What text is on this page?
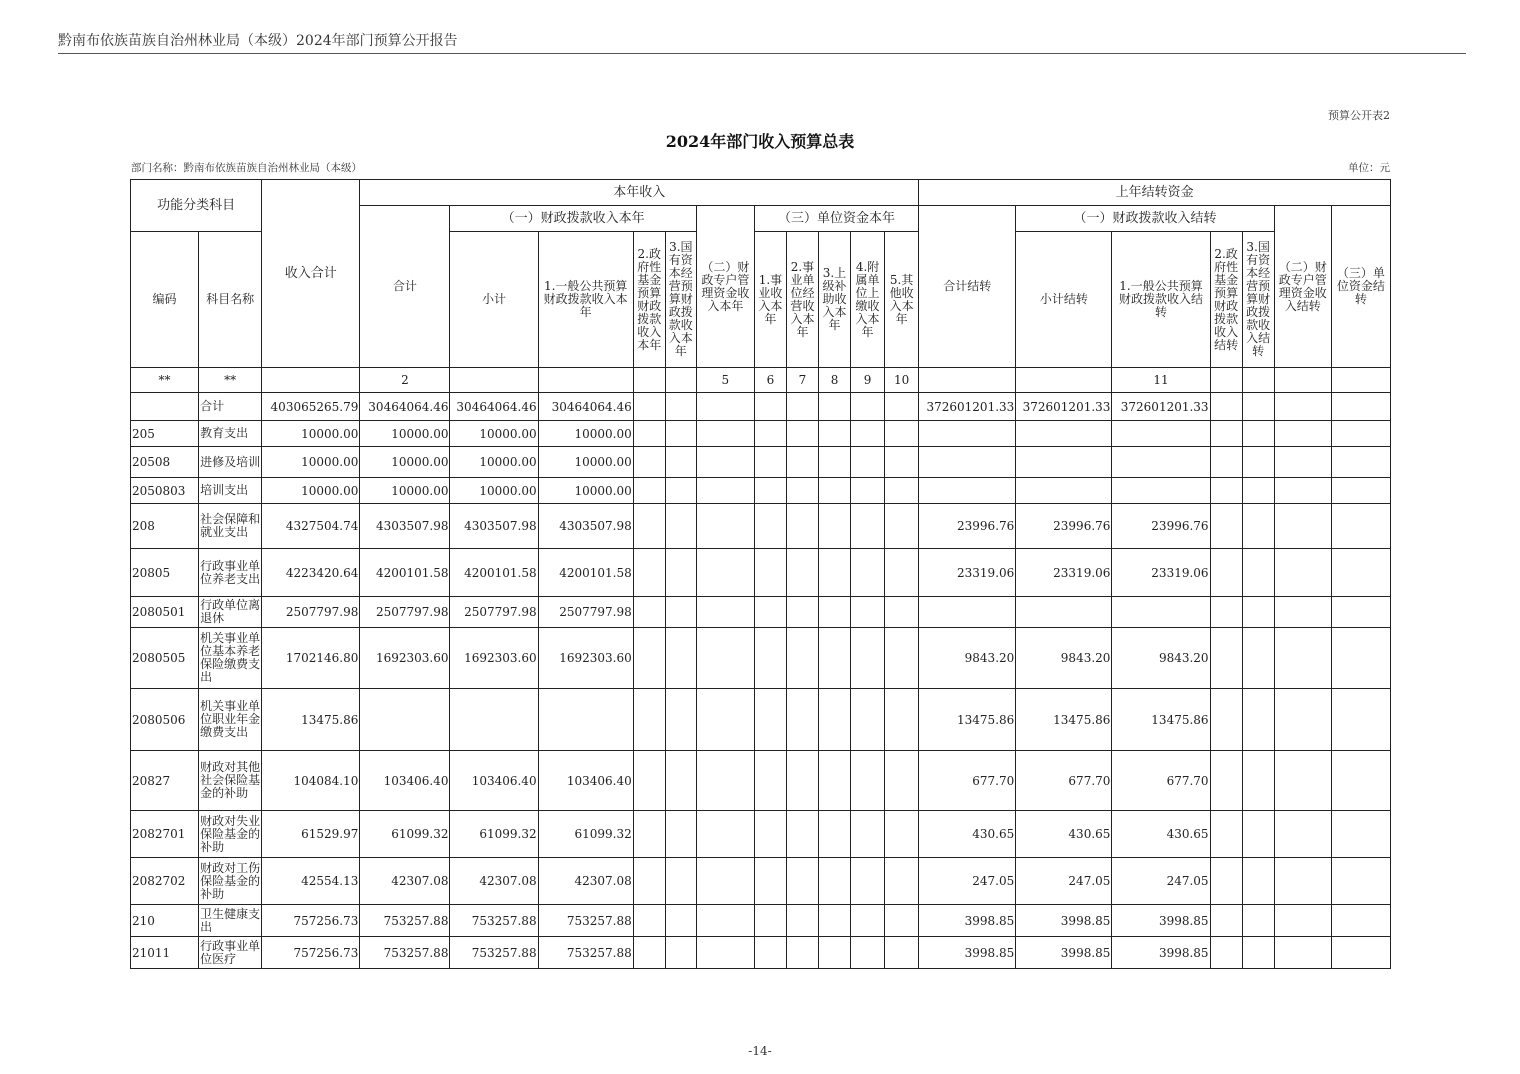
黔南布依族苗族自治州林业局（本级）2024年部门预算公开报告
预算公开表2
2024年部门收入预算总表
部门名称：黔南布依族苗族自治州林业局（本级）	单位：元
功能分类科目		收入合计	本年收入											上年结转资金						
			合计	（一）财政拨款收入本年				（二）财政专户管理资金收入本年	（三）单位资金本年					合计结转	（一）财政拨款收入结转				（二）财政专户管理资金收入结转	（三）单位资金结转
编码	科目名称			小计	1.一般公共预算财政拨款收入本年	2.政府性基金预算财政拨款收入本年	3.国有资本经营预算财政拨款收入本年		1.事业收入本年	2.事业单位经营收入本年	3.上级补助收入本年	4.附属单位上缴收入本年	5.其他收入本年		小计结转	1.一般公共预算财政拨款收入结转	2.政府性基金预算财政拨款收入结转	3.国有资本经营预算财政拨款收入结转		
**	**		2					5	6	7	8	9	10			11				
	合计	403065265.79	30464064.46	30464064.46	30464064.46									372601201.33	372601201.33	372601201.33				
205	教育支出	10000.00	10000.00	10000.00	10000.00															
20508	进修及培训	10000.00	10000.00	10000.00	10000.00															
2050803	培训支出	10000.00	10000.00	10000.00	10000.00															
208	社会保障和就业支出	4327504.74	4303507.98	4303507.98	4303507.98									23996.76	23996.76	23996.76				
20805	行政事业单位养老支出	4223420.64	4200101.58	4200101.58	4200101.58									23319.06	23319.06	23319.06				
2080501	行政单位离退休	2507797.98	2507797.98	2507797.98	2507797.98															
2080505	机关事业单位基本养老保险缴费支出	1702146.80	1692303.60	1692303.60	1692303.60									9843.20	9843.20	9843.20				
2080506	机关事业单位职业年金缴费支出	13475.86												13475.86	13475.86	13475.86				
20827	财政对其他社会保险基金的补助	104084.10	103406.40	103406.40	103406.40									677.70	677.70	677.70				
2082701	财政对失业保险基金的补助	61529.97	61099.32	61099.32	61099.32									430.65	430.65	430.65				
2082702	财政对工伤保险基金的补助	42554.13	42307.08	42307.08	42307.08									247.05	247.05	247.05				
210	卫生健康支出	757256.73	753257.88	753257.88	753257.88									3998.85	3998.85	3998.85				
21011	行政事业单位医疗	757256.73	753257.88	753257.88	753257.88									3998.85	3998.85	3998.85				
-14-
